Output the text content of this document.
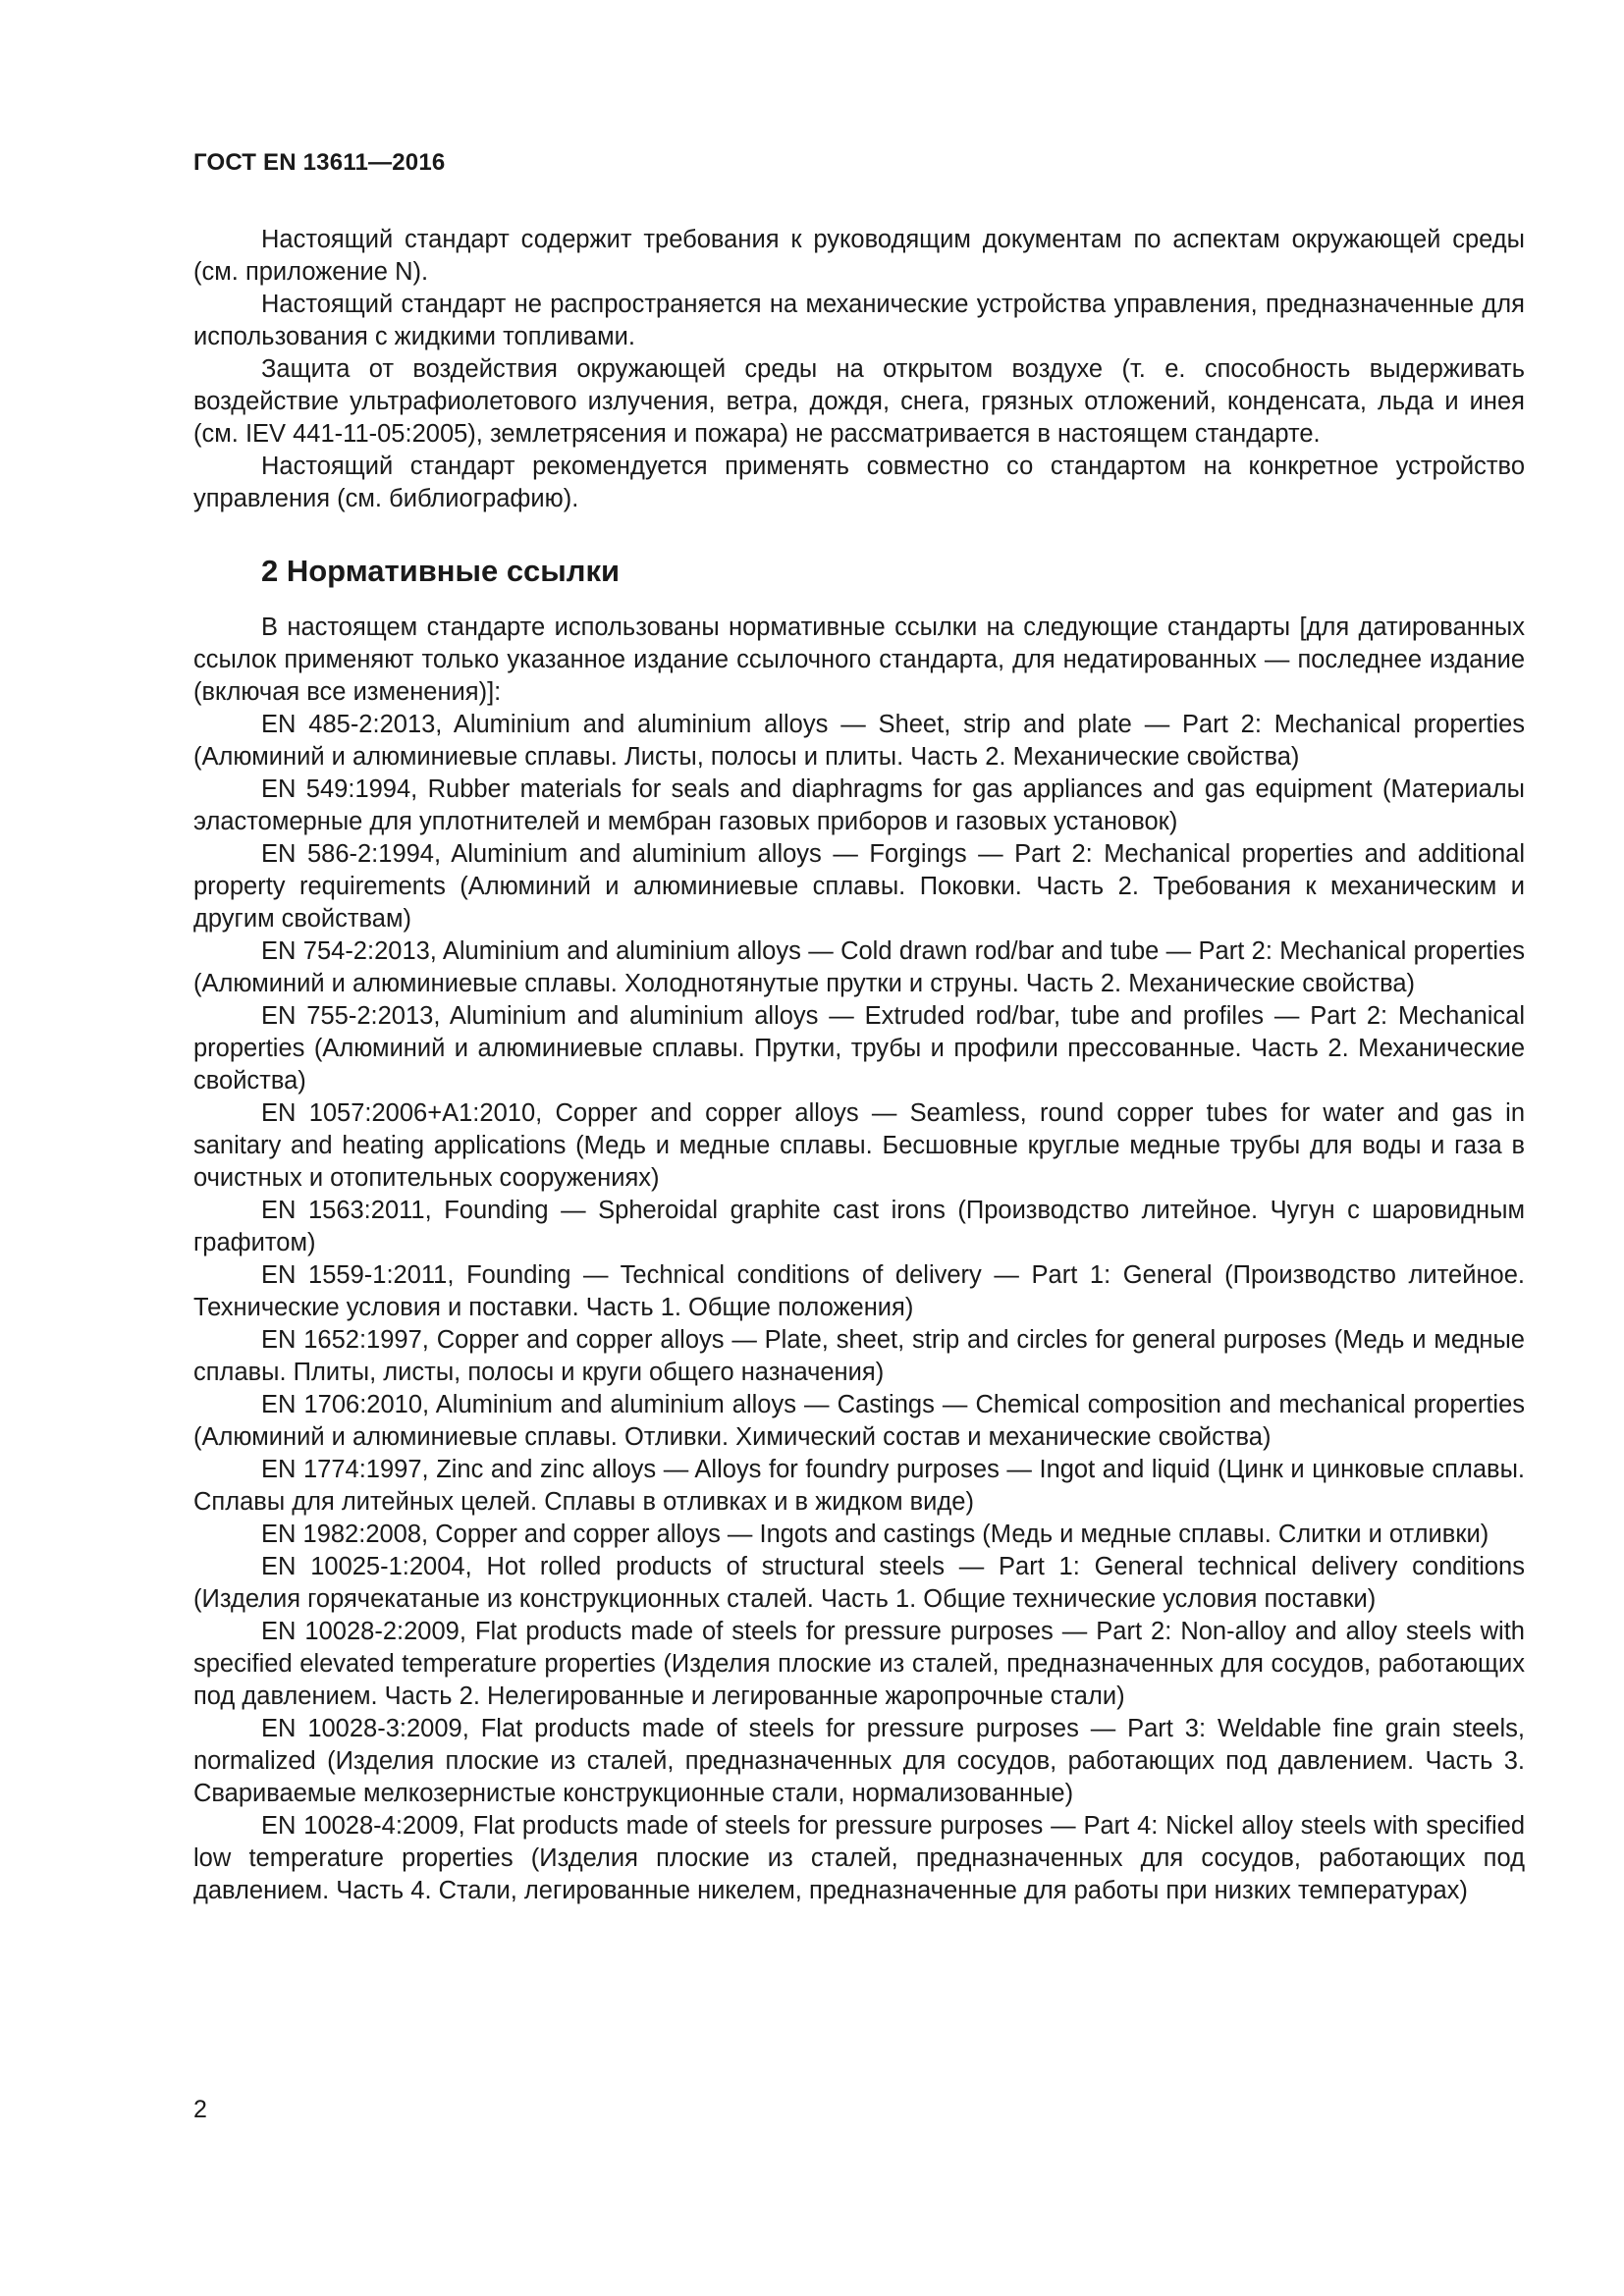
ГОСТ EN 13611—2016

Настоящий стандарт содержит требования к руководящим документам по аспектам окружающей среды (см. приложение N).

Настоящий стандарт не распространяется на механические устройства управления, предназначенные для использования с жидкими топливами.

Защита от воздействия окружающей среды на открытом воздухе (т. е. способность выдерживать воздействие ультрафиолетового излучения, ветра, дождя, снега, грязных отложений, конденсата, льда и инея (см. IEV 441-11-05:2005), землетрясения и пожара) не рассматривается в настоящем стандарте.

Настоящий стандарт рекомендуется применять совместно со стандартом на конкретное устройство управления (см. библиографию).

2 Нормативные ссылки

В настоящем стандарте использованы нормативные ссылки на следующие стандарты [для датированных ссылок применяют только указанное издание ссылочного стандарта, для недатированных — последнее издание (включая все изменения)]:

EN 485-2:2013, Aluminium and aluminium alloys — Sheet, strip and plate — Part 2: Mechanical properties (Алюминий и алюминиевые сплавы. Листы, полосы и плиты. Часть 2. Механические свойства)
EN 549:1994, Rubber materials for seals and diaphragms for gas appliances and gas equipment (Материалы эластомерные для уплотнителей и мембран газовых приборов и газовых установок)
EN 586-2:1994, Aluminium and aluminium alloys — Forgings — Part 2: Mechanical properties and additional property requirements (Алюминий и алюминиевые сплавы. Поковки. Часть 2. Требования к механическим и другим свойствам)
EN 754-2:2013, Aluminium and aluminium alloys — Cold drawn rod/bar and tube — Part 2: Mechanical properties (Алюминий и алюминиевые сплавы. Холоднотянутые прутки и струны. Часть 2. Механические свойства)
EN 755-2:2013, Aluminium and aluminium alloys — Extruded rod/bar, tube and profiles — Part 2: Mechanical properties (Алюминий и алюминиевые сплавы. Прутки, трубы и профили прессованные. Часть 2. Механические свойства)
EN 1057:2006+A1:2010, Copper and copper alloys — Seamless, round copper tubes for water and gas in sanitary and heating applications (Медь и медные сплавы. Бесшовные круглые медные трубы для воды и газа в очистных и отопительных сооружениях)
EN 1563:2011, Founding — Spheroidal graphite cast irons (Производство литейное. Чугун с шаровидным графитом)
EN 1559-1:2011, Founding — Technical conditions of delivery — Part 1: General (Производство литейное. Технические условия и поставки. Часть 1. Общие положения)
EN 1652:1997, Copper and copper alloys — Plate, sheet, strip and circles for general purposes (Медь и медные сплавы. Плиты, листы, полосы и круги общего назначения)
EN 1706:2010, Aluminium and aluminium alloys — Castings — Chemical composition and mechanical properties (Алюминий и алюминиевые сплавы. Отливки. Химический состав и механические свойства)
EN 1774:1997, Zinc and zinc alloys — Alloys for foundry purposes — Ingot and liquid (Цинк и цинковые сплавы. Сплавы для литейных целей. Сплавы в отливках и в жидком виде)
EN 1982:2008, Copper and copper alloys — Ingots and castings (Медь и медные сплавы. Слитки и отливки)
EN 10025-1:2004, Hot rolled products of structural steels — Part 1: General technical delivery conditions (Изделия горячекатаные из конструкционных сталей. Часть 1. Общие технические условия поставки)
EN 10028-2:2009, Flat products made of steels for pressure purposes — Part 2: Non-alloy and alloy steels with specified elevated temperature properties (Изделия плоские из сталей, предназначенных для сосудов, работающих под давлением. Часть 2. Нелегированные и легированные жаропрочные стали)
EN 10028-3:2009, Flat products made of steels for pressure purposes — Part 3: Weldable fine grain steels, normalized (Изделия плоские из сталей, предназначенных для сосудов, работающих под давлением. Часть 3. Свариваемые мелкозернистые конструкционные стали, нормализованные)
EN 10028-4:2009, Flat products made of steels for pressure purposes — Part 4: Nickel alloy steels with specified low temperature properties (Изделия плоские из сталей, предназначенных для сосудов, работающих под давлением. Часть 4. Стали, легированные никелем, предназначенные для работы при низких температурах)

2
